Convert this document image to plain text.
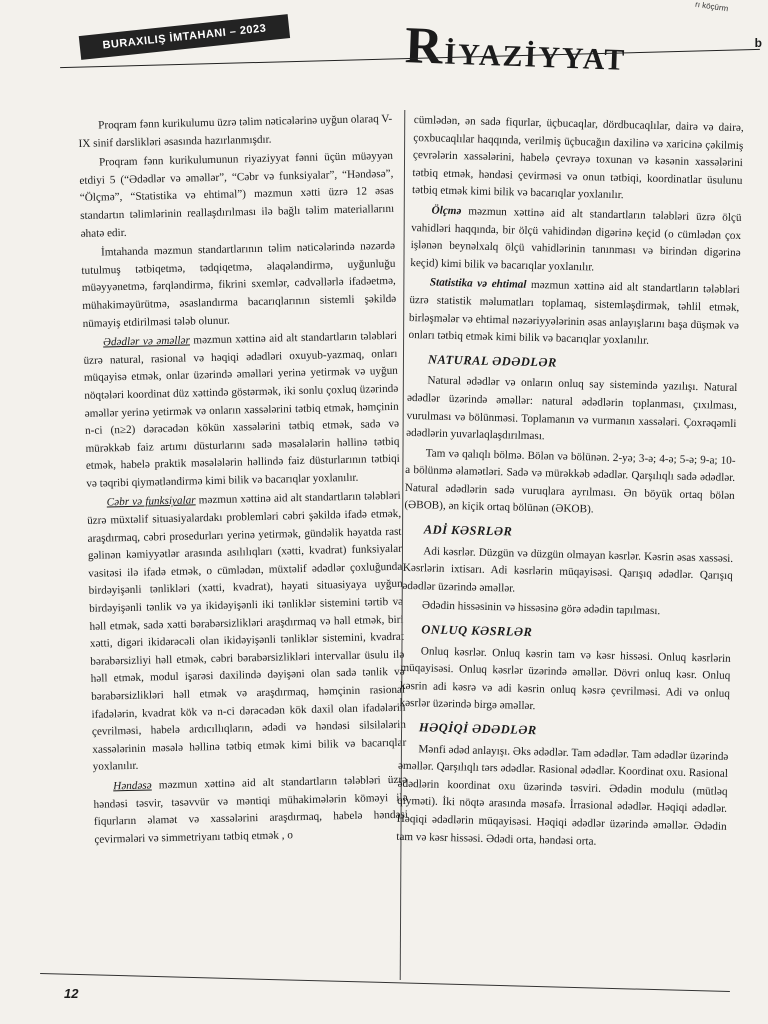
rı köçürm
BURAXILIŞ İMTAHANI – 2023	RİYAZİYYAT	b

Proqram fənn kurikulumu üzrə təlim nəticələrinə uyğun olaraq V-IX sinif dərslikləri əsasında hazırlanmışdır.

Proqram fənn kurikulumunun riyaziyyat fənni üçün müəyyən etdiyi 5 (“Ədədlər və əməllər”, “Cəbr və funksiyalar”, “Həndəsə”, “Ölçmə”, “Statistika və ehtimal”) məzmun xətti üzrə 12 əsas standartın təlimlərinin reallaşdırılması ilə bağlı təlim materiallarını əhatə edir.

İmtahanda məzmun standartlarının təlim nəticələrində nəzərdə tutulmuş tətbiqetmə, tədqiqetmə, əlaqələndirmə, uyğunluğu müəyyənetmə, fərqləndirmə, fikrini sxemlər, cədvəllərlə ifadəetmə, mühakiməyürütmə, əsaslandırma bacarıqlarının sistemli şəkildə nümayiş etdirilməsi tələb olunur.

Ədədlər və əməllər məzmun xəttinə aid alt standartların tələbləri üzrə natural, rasional və həqiqi ədədləri oxuyub-yazmaq, onları müqayisə etmək, onlar üzərində əməlləri yerinə yetirmək və uyğun nöqtələri koordinat düz xəttində göstərmək, iki sonlu çoxluq üzərində əməllər yerinə yetirmək və onların xassələrini tətbiq etmək, həmçinin n-ci (n≥2) dərəcədən kökün xassələrini tətbiq etmək, sadə və mürəkkəb faiz artımı düsturlarını sadə məsələlərin həllinə tətbiq etmək, habelə praktik məsələlərin həllində faiz düsturlarının tətbiqi və təqribi qiymətləndirmə kimi bilik və bacarıqlar yoxlanılır.

Cəbr və funksiyalar məzmun xəttinə aid alt standartların tələbləri üzrə müxtəlif situasiyalardakı problemləri cəbri şəkildə ifadə etmək, araşdırmaq, cəbri prosedurları yerinə yetirmək, gündəlik həyatda rast gəlinən kəmiyyətlər arasında asılılıqları (xətti, kvadrat) funksiyalar vasitəsi ilə ifadə etmək, o cümlədən, müxtəlif ədədlər çoxluğunda birdəyişənli tənlikləri (xətti, kvadrat), həyati situasiyaya uyğun birdəyişənli tənlik və ya ikidəyişənli iki tənliklər sistemini tərtib və həll etmək, sadə xətti bərabərsizlikləri araşdırmaq və həll etmək, biri xətti, digəri ikidərəcəli olan ikidəyişənli tənliklər sistemini, kvadrat bərabərsizliyi həll etmək, cəbri bərabərsizlikləri intervallar üsulu ilə həll etmək, modul işarəsi daxilində dəyişəni olan sadə tənlik və bərabərsizlikləri həll etmək və araşdırmaq, həmçinin rasional ifadələrin, kvadrat kök və n-ci dərəcədən kök daxil olan ifadələrin çevrilməsi, habelə ardıcıllıqların, ədədi və həndəsi silsilələrin xassələrinin məsələ həllinə tətbiq etmək kimi bilik və bacarıqlar yoxlanılır.

Həndəsə məzmun xəttinə aid alt standartların tələbləri üzrə həndəsi təsvir, təsəvvür və məntiqi mühakimələrin köməyi ilə fiqurların əlamət və xassələrini araşdırmaq, habelə həndəsi çevirmələri və simmetriyanı tətbiq etmək , o

cümlədən, ən sadə fiqurlar, üçbucaqlar, dördbucaqlılar, dairə və dairə, çoxbucaqlılar haqqında, verilmiş üçbucağın daxilinə və xaricinə çəkilmiş çevrələrin xassələrini, habelə çevrəyə toxunan və kəsənin xassələrini tətbiq etmək, həndəsi çevirməsi və onun tətbiqi, koordinatlar üsulunu tətbiq etmək kimi bilik və bacarıqlar yoxlanılır.

Ölçmə məzmun xəttinə aid alt standartların tələbləri üzrə ölçü vahidləri haqqında, bir ölçü vahidindən digərinə keçid (o cümlədən çox işlənən beynəlxalq ölçü vahidlərinin tanınması və birindən digərinə keçid) kimi bilik və bacarıqlar yoxlanılır.

Statistika və ehtimal məzmun xəttinə aid alt standartların tələbləri üzrə statistik məlumatları toplamaq, sistemləşdirmək, təhlil etmək, birləşmələr və ehtimal nəzəriyyələrinin əsas anlayışlarını başa düşmək və onları tətbiq etmək kimi bilik və bacarıqlar yoxlanılır.

NATURAL ƏDƏDLƏR

Natural ədədlər və onların onluq say sistemində yazılışı. Natural ədədlər üzərində əməllər: natural ədədlərin toplanması, çıxılması, vurulması və bölünməsi. Toplamanın və vurmanın xassələri. Çoxrəqəmli ədədlərin yuvarlaqlaşdırılması.

Tam və qalıqlı bölmə. Bölən və bölünən. 2-yə; 3-ə; 4-ə; 5-ə; 9-a; 10-a bölünmə əlamətləri. Sadə və mürəkkəb ədədlər. Qarşılıqlı sadə ədədlər. Natural ədədlərin sadə vuruqlara ayrılması. Ən böyük ortaq bölən (ƏBOB), ən kiçik ortaq bölünən (ƏKOB).

ADİ KƏSRLƏR

Adi kəsrlər. Düzgün və düzgün olmayan kəsrlər. Kəsrin əsas xassəsi. Kəsrlərin ixtisarı. Adi kəsrlərin müqayisəsi. Qarışıq ədədlər. Qarışıq ədədlər üzərində əməllər.

Ədədin hissəsinin və hissəsinə görə ədədin tapılması.

ONLUQ KƏSRLƏR

Onluq kəsrlər. Onluq kəsrin tam və kəsr hissəsi. Onluq kəsrlərin müqayisəsi. Onluq kəsrlər üzərində əməllər. Dövri onluq kəsr. Onluq kəsrin adi kəsrə və adi kəsrin onluq kəsrə çevrilməsi. Adi və onluq kəsrlər üzərində birgə əməllər.

HƏQİQİ ƏDƏDLƏR

Mənfi ədəd anlayışı. Əks ədədlər. Tam ədədlər. Tam ədədlər üzərində əməllər. Qarşılıqlı tərs ədədlər. Rasional ədədlər. Koordinat oxu. Rasional ədədlərin koordinat oxu üzərində təsviri. Ədədin modulu (mütləq qiyməti). İki nöqtə arasında məsafə. İrrasional ədədlər. Həqiqi ədədlər. Həqiqi ədədlərin müqayisəsi. Həqiqi ədədlər üzərində əməllər. Ədədin tam və kəsr hissəsi. Ədədi orta, həndəsi orta.

12
